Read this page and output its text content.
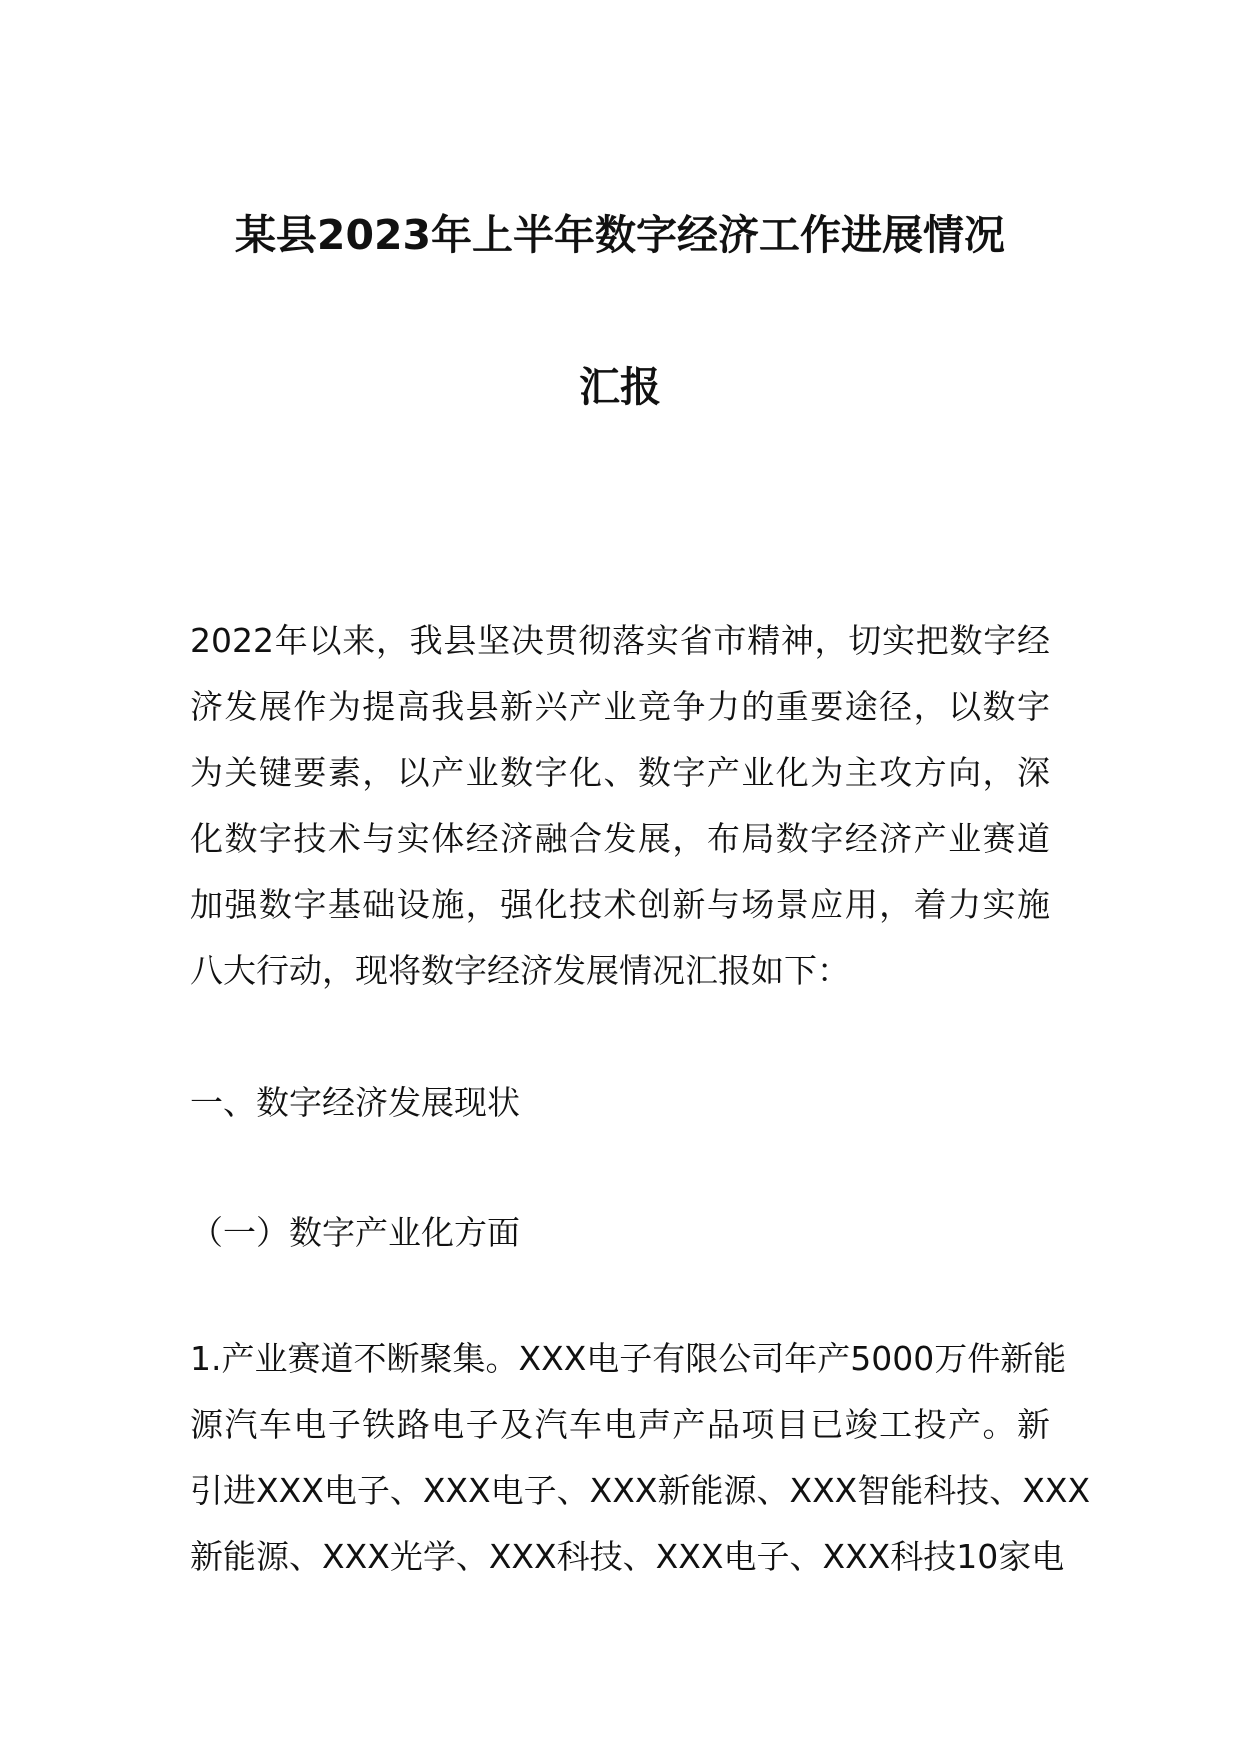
某县2023年上半年数字经济工作进展情况
汇报
2022年以来，我县坚决贯彻落实省市精神，切实把数字经
济发展作为提高我县新兴产业竞争力的重要途径，以数字
为关键要素，以产业数字化、数字产业化为主攻方向，深
化数字技术与实体经济融合发展，布局数字经济产业赛道
加强数字基础设施，强化技术创新与场景应用，着力实施
八大行动，现将数字经济发展情况汇报如下：
一、数字经济发展现状
（一）数字产业化方面
1.产业赛道不断聚集。XXX电子有限公司年产5000万件新能
源汽车电子铁路电子及汽车电声产品项目已竣工投产。新
引进XXX电子、XXX电子、XXX新能源、XXX智能科技、XXX
新能源、XXX光学、XXX科技、XXX电子、XXX科技10家电
